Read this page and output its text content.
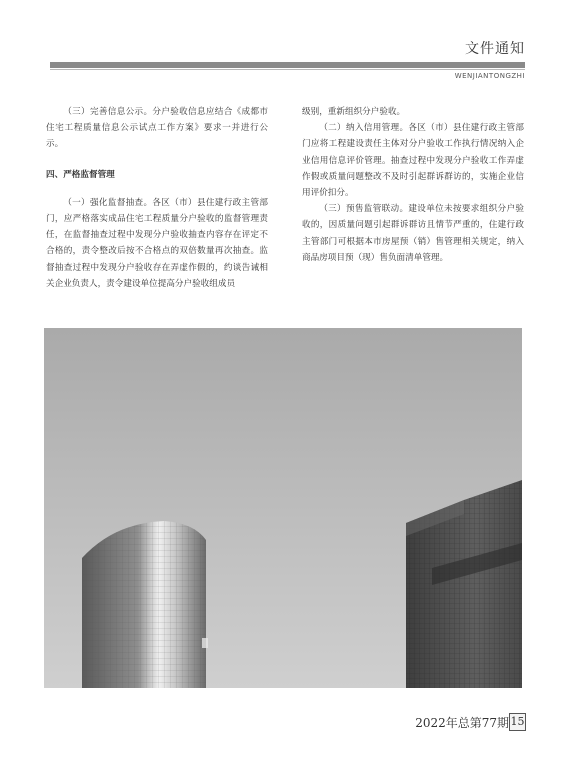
文件通知
WENJIANTONGZHI

（三）完善信息公示。分户验收信息应结合《成都市住宅工程质量信息公示试点工作方案》要求一并进行公示。

四、严格监督管理

（一）强化监督抽查。各区（市）县住建行政主管部门，应严格落实成品住宅工程质量分户验收的监督管理责任，在监督抽查过程中发现分户验收抽查内容存在评定不合格的，责令整改后按不合格点的双倍数量再次抽查。监督抽查过程中发现分户验收存在弄虚作假的，约谈告诫相关企业负责人，责令建设单位提高分户验收组成员

级别，重新组织分户验收。

（二）纳入信用管理。各区（市）县住建行政主管部门应将工程建设责任主体对分户验收工作执行情况纳入企业信用信息评价管理。抽查过程中发现分户验收工作弄虚作假或质量问题整改不及时引起群诉群访的，实施企业信用评价扣分。

（三）预售监管联动。建设单位未按要求组织分户验收的，因质量问题引起群诉群访且情节严重的，住建行政主管部门可根据本市房屋预（销）售管理相关规定，纳入商品房项目预（现）售负面清单管理。

2022年总第77期 15
